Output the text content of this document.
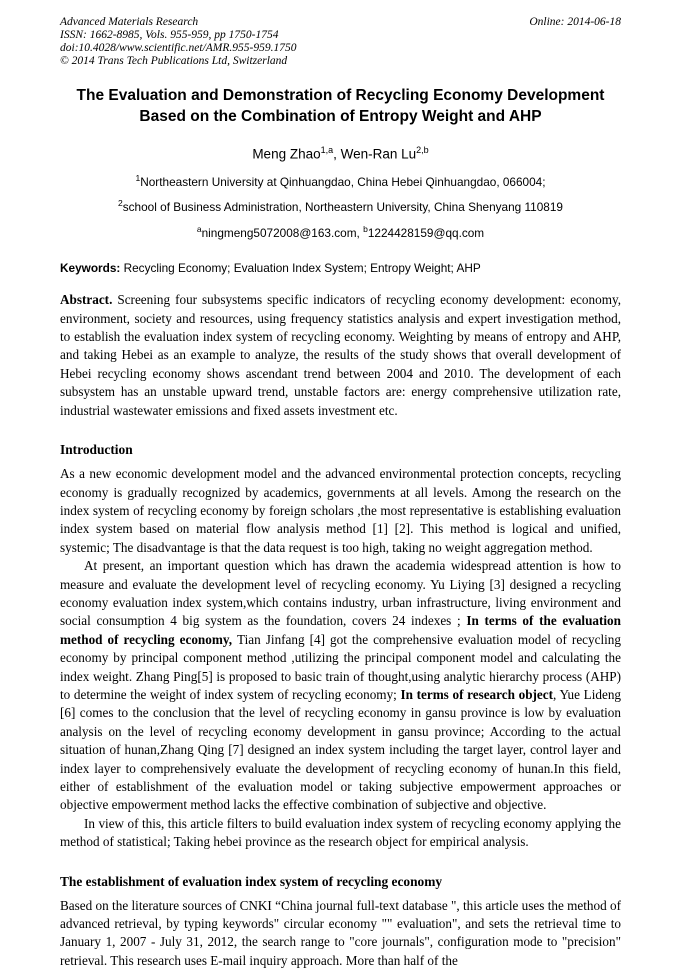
Advanced Materials Research
ISSN: 1662-8985, Vols. 955-959, pp 1750-1754
doi:10.4028/www.scientific.net/AMR.955-959.1750
© 2014 Trans Tech Publications Ltd, Switzerland
Online: 2014-06-18
The Evaluation and Demonstration of Recycling Economy Development
Based on the Combination of Entropy Weight and AHP
Meng Zhao$^{1,a}$, Wen-Ran Lu$^{2,b}$
$^1$Northeastern University at Qinhuangdao, China Hebei Qinhuangdao, 066004;
$^2$school of Business Administration, Northeastern University, China Shenyang 110819
$^a$ningmeng5072008@163.com, $^b$1224428159@qq.com
Keywords: Recycling Economy; Evaluation Index System; Entropy Weight; AHP
Abstract. Screening four subsystems specific indicators of recycling economy development: economy, environment, society and resources, using frequency statistics analysis and expert investigation method, to establish the evaluation index system of recycling economy. Weighting by means of entropy and AHP, and taking Hebei as an example to analyze, the results of the study shows that overall development of Hebei recycling economy shows ascendant trend between 2004 and 2010. The development of each subsystem has an unstable upward trend, unstable factors are: energy comprehensive utilization rate, industrial wastewater emissions and fixed assets investment etc.
Introduction
As a new economic development model and the advanced environmental protection concepts, recycling economy is gradually recognized by academics, governments at all levels. Among the research on the index system of recycling economy by foreign scholars ,the most representative is establishing evaluation index system based on material flow analysis method [1] [2]. This method is logical and unified, systemic; The disadvantage is that the data request is too high, taking no weight aggregation method.
At present, an important question which has drawn the academia widespread attention is how to measure and evaluate the development level of recycling economy. Yu Liying [3] designed a recycling economy evaluation index system,which contains industry, urban infrastructure, living environment and social consumption 4 big system as the foundation, covers 24 indexes ; In terms of the evaluation method of recycling economy, Tian Jinfang [4] got the comprehensive evaluation model of recycling economy by principal component method ,utilizing the principal component model and calculating the index weight. Zhang Ping[5] is proposed to basic train of thought,using analytic hierarchy process (AHP) to determine the weight of index system of recycling economy; In terms of research object, Yue Lideng [6] comes to the conclusion that the level of recycling economy in gansu province is low by evaluation analysis on the level of recycling economy development in gansu province; According to the actual situation of hunan,Zhang Qing [7] designed an index system including the target layer, control layer and index layer to comprehensively evaluate the development of recycling economy of hunan.In this field, either of establishment of the evaluation model or taking subjective empowerment approaches or objective empowerment method lacks the effective combination of subjective and objective.
In view of this, this article filters to build evaluation index system of recycling economy applying the method of statistical; Taking hebei province as the research object for empirical analysis.
The establishment of evaluation index system of recycling economy
Based on the literature sources of CNKI “China journal full-text database ", this article uses the method of advanced retrieval, by typing keywords" circular economy "" evaluation", and sets the retrieval time to January 1, 2007 - July 31, 2012, the search range to "core journals", configuration mode to "precision" retrieval. This research uses E-mail inquiry approach. More than half of the
